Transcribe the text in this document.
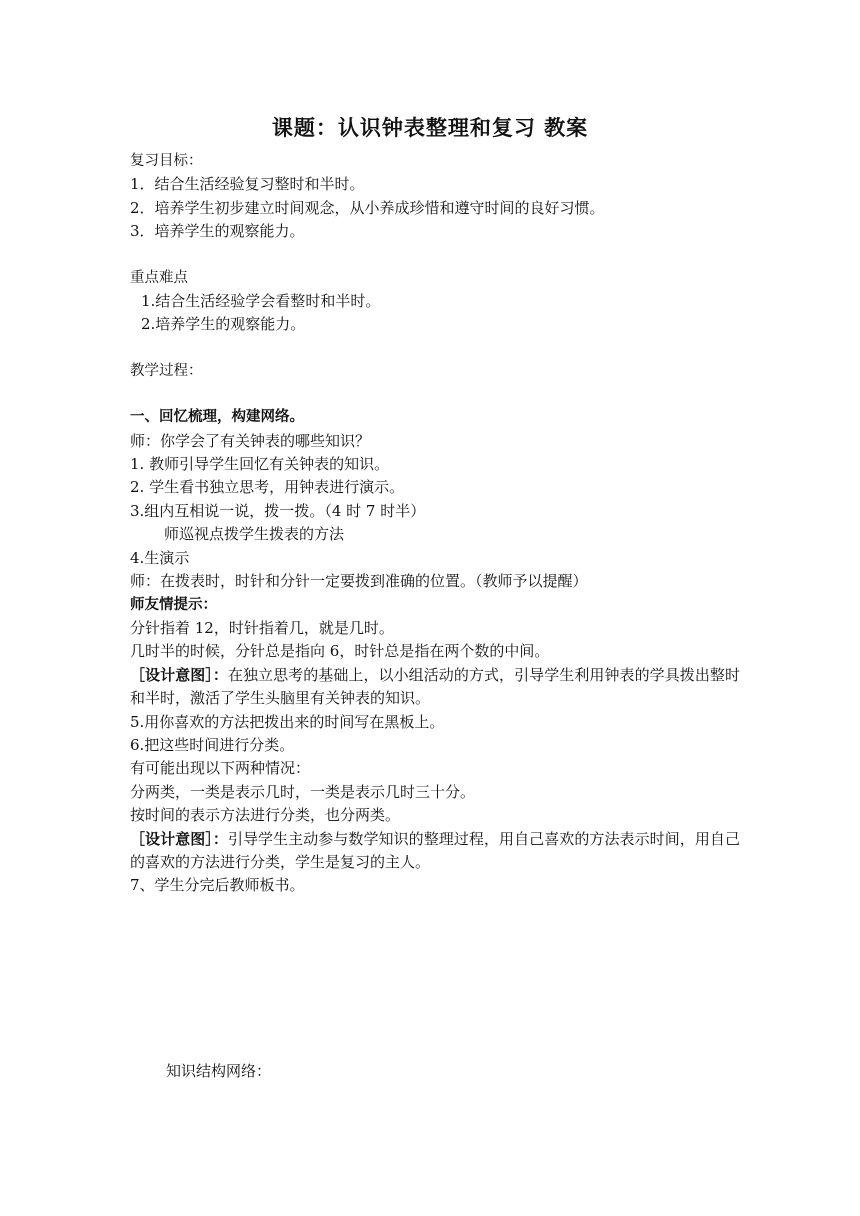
课题：认识钟表整理和复习 教案
复习目标：
1．结合生活经验复习整时和半时。
2．培养学生初步建立时间观念，从小养成珍惜和遵守时间的良好习惯。
3．培养学生的观察能力。
重点难点
1.结合生活经验学会看整时和半时。
2.培养学生的观察能力。
教学过程：
一、回忆梳理，构建网络。
师：你学会了有关钟表的哪些知识？
1. 教师引导学生回忆有关钟表的知识。
2. 学生看书独立思考，用钟表进行演示。
3.组内互相说一说，拨一拨。（4 时 7 时半）
师巡视点拨学生拨表的方法
4.生演示
师：在拨表时，时针和分针一定要拨到准确的位置。（教师予以提醒）
师友情提示：
分针指着 12，时针指着几，就是几时。
几时半的时候，分针总是指向 6，时针总是指在两个数的中间。
［设计意图］：在独立思考的基础上，以小组活动的方式，引导学生利用钟表的学具拨出整时和半时，激活了学生头脑里有关钟表的知识。
5.用你喜欢的方法把拨出来的时间写在黑板上。
6.把这些时间进行分类。
有可能出现以下两种情况：
分两类，一类是表示几时，一类是表示几时三十分。
按时间的表示方法进行分类，也分两类。
［设计意图］：引导学生主动参与数学知识的整理过程，用自己喜欢的方法表示时间，用自己的喜欢的方法进行分类，学生是复习的主人。
7、学生分完后教师板书。
知识结构网络：
